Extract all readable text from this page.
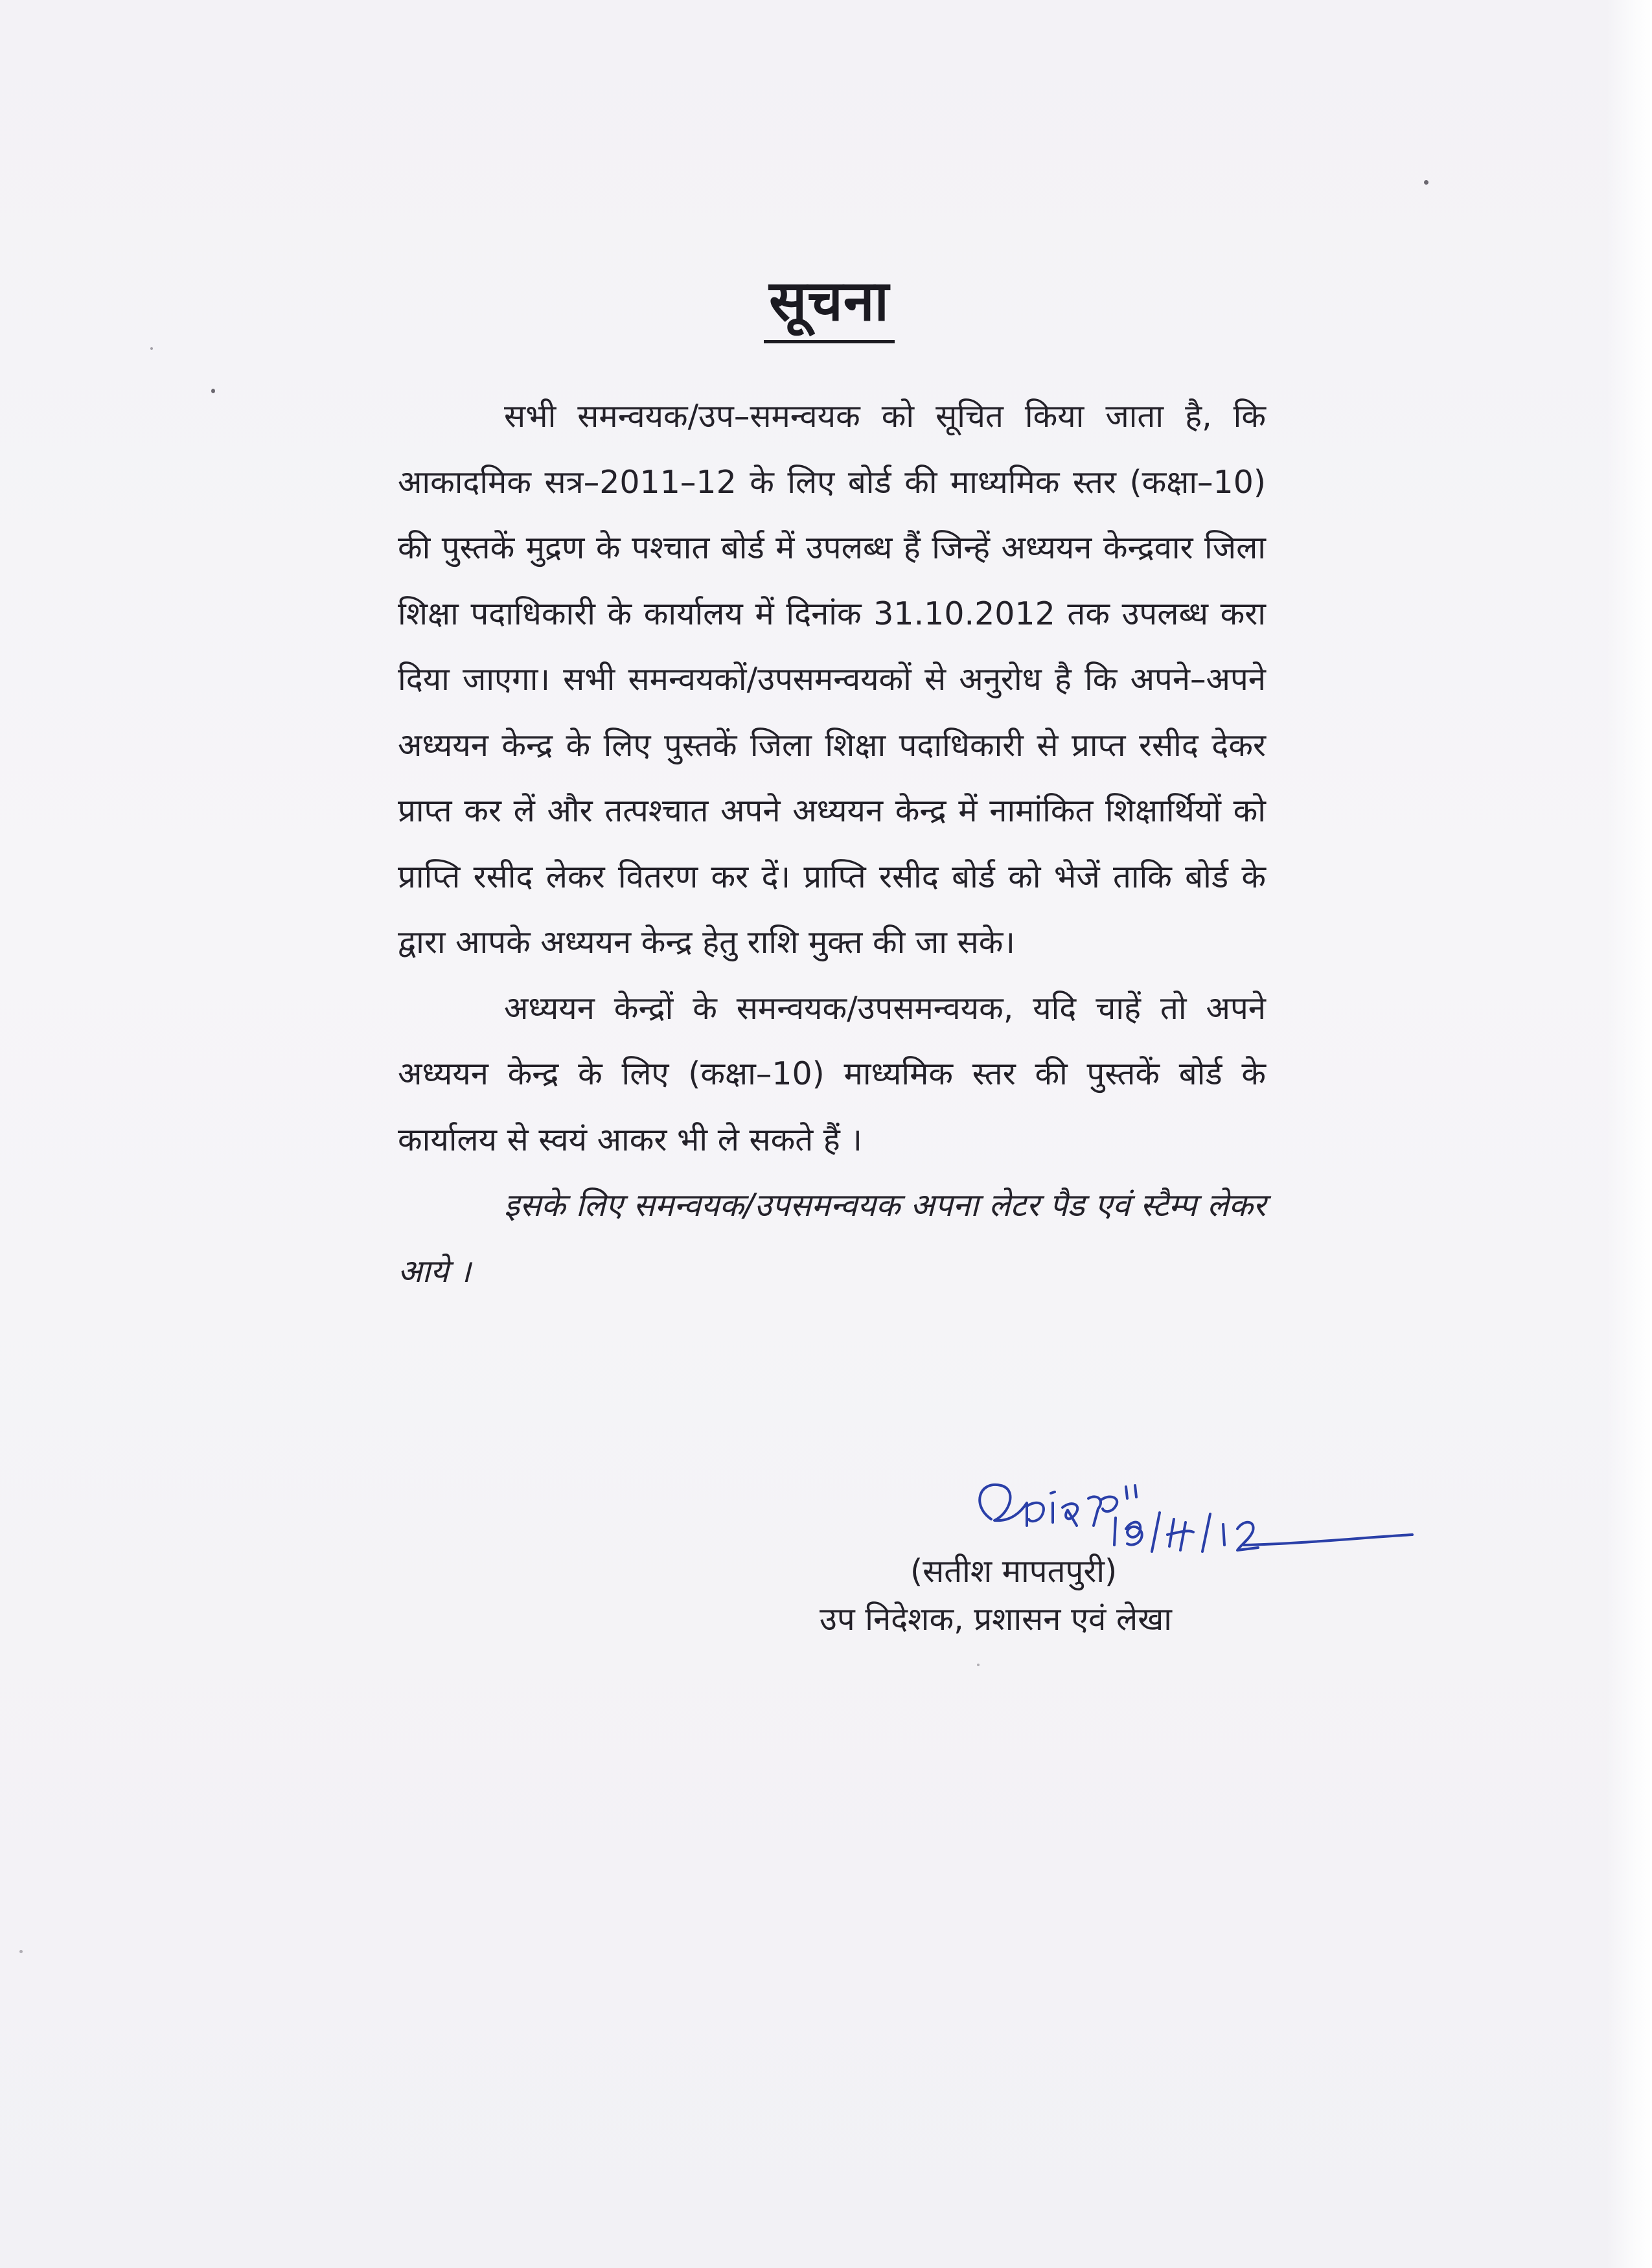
सूचना

सभी समन्वयक/उप–समन्वयक को सूचित किया जाता है, कि आकादमिक सत्र–2011–12 के लिए बोर्ड की माध्यमिक स्तर (कक्षा–10) की पुस्तकें मुद्रण के पश्चात बोर्ड में उपलब्ध हैं जिन्हें अध्ययन केन्द्रवार जिला शिक्षा पदाधिकारी के कार्यालय में दिनांक 31.10.2012 तक उपलब्ध करा दिया जाएगा। सभी समन्वयकों/उपसमन्वयकों से अनुरोध है कि अपने–अपने अध्ययन केन्द्र के लिए पुस्तकें जिला शिक्षा पदाधिकारी से प्राप्त रसीद देकर प्राप्त कर लें और तत्पश्चात अपने अध्ययन केन्द्र में नामांकित शिक्षार्थियों को प्राप्ति रसीद लेकर वितरण कर दें। प्राप्ति रसीद बोर्ड को भेजें ताकि बोर्ड के द्वारा आपके अध्ययन केन्द्र हेतु राशि मुक्त की जा सके।

अध्ययन केन्द्रों के समन्वयक/उपसमन्वयक, यदि चाहें तो अपने अध्ययन केन्द्र के लिए (कक्षा–10) माध्यमिक स्तर की पुस्तकें बोर्ड के कार्यालय से स्वयं आकर भी ले सकते हैं ।

इसके लिए समन्वयक/उपसमन्वयक अपना लेटर पैड एवं स्टैम्प लेकर आये ।

(सतीश मापतपुरी)
उप निदेशक, प्रशासन एवं लेखा
